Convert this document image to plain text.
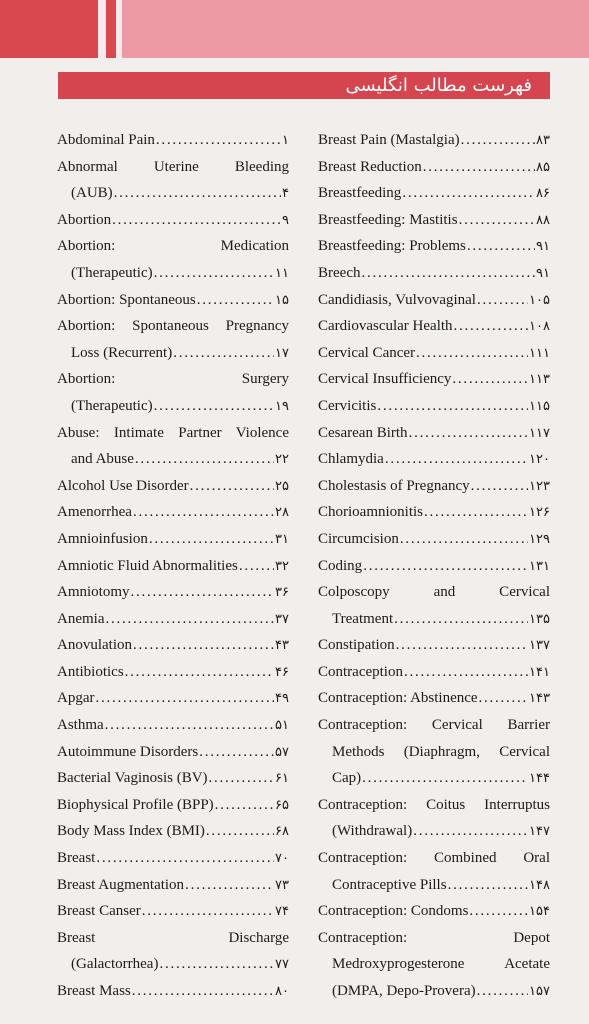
فهرست مطالب انگلیسی
Abdominal Pain . . .	۱
Abnormal Uterine Bleeding
(AUB) . . .	۴
Abortion . . .	۹
Abortion: Medication
(Therapeutic) . . .	۱۱
Abortion: Spontaneous . . .	۱۵
Abortion: Spontaneous Pregnancy
Loss (Recurrent) . . .	۱۷
Abortion: Surgery
(Therapeutic) . . .	۱۹
Abuse: Intimate Partner Violence
and Abuse . . .	۲۲
Alcohol Use Disorder . . .	۲۵
Amenorrhea . . .	۲۸
Amnioinfusion . . .	۳۱
Amniotic Fluid Abnormalities . . .	۳۲
Amniotomy . . .	۳۶
Anemia . . .	۳۷
Anovulation . . .	۴۳
Antibiotics . . .	۴۶
Apgar . . .	۴۹
Asthma . . .	۵۱
Autoimmune Disorders . . .	۵۷
Bacterial Vaginosis (BV) . . .	۶۱
Biophysical Profile (BPP) . . .	۶۵
Body Mass Index (BMI) . . .	۶۸
Breast . . .	۷۰
Breast Augmentation . . .	۷۳
Breast Canser . . .	۷۴
Breast Discharge
(Galactorrhea) . . .	۷۷
Breast Mass . . .	۸۰
Breast Pain (Mastalgia) . . .	۸۳
Breast Reduction . . .	۸۵
Breastfeeding . . .	۸۶
Breastfeeding: Mastitis . . .	۸۸
Breastfeeding: Problems . . .	۹۱
Breech . . .	۹۱
Candidiasis, Vulvovaginal . . .	۱۰۵
Cardiovascular Health . . .	۱۰۸
Cervical Cancer . . .	۱۱۱
Cervical Insufficiency . . .	۱۱۳
Cervicitis . . .	۱۱۵
Cesarean Birth . . .	۱۱۷
Chlamydia . . .	۱۲۰
Cholestasis of Pregnancy . . .	۱۲۳
Chorioamnionitis . . .	۱۲۶
Circumcision . . .	۱۲۹
Coding . . .	۱۳۱
Colposcopy and Cervical
Treatment . . .	۱۳۵
Constipation . . .	۱۳۷
Contraception . . .	۱۴۱
Contraception: Abstinence . . .	۱۴۳
Contraception: Cervical Barrier
Methods (Diaphragm, Cervical
Cap) . . .	۱۴۴
Contraception: Coitus Interruptus
(Withdrawal) . . .	۱۴۷
Contraception: Combined Oral
Contraceptive Pills . . .	۱۴۸
Contraception: Condoms . . .	۱۵۴
Contraception: Depot
Medroxyprogesterone Acetate
(DMPA, Depo-Provera) . . .	۱۵۷
